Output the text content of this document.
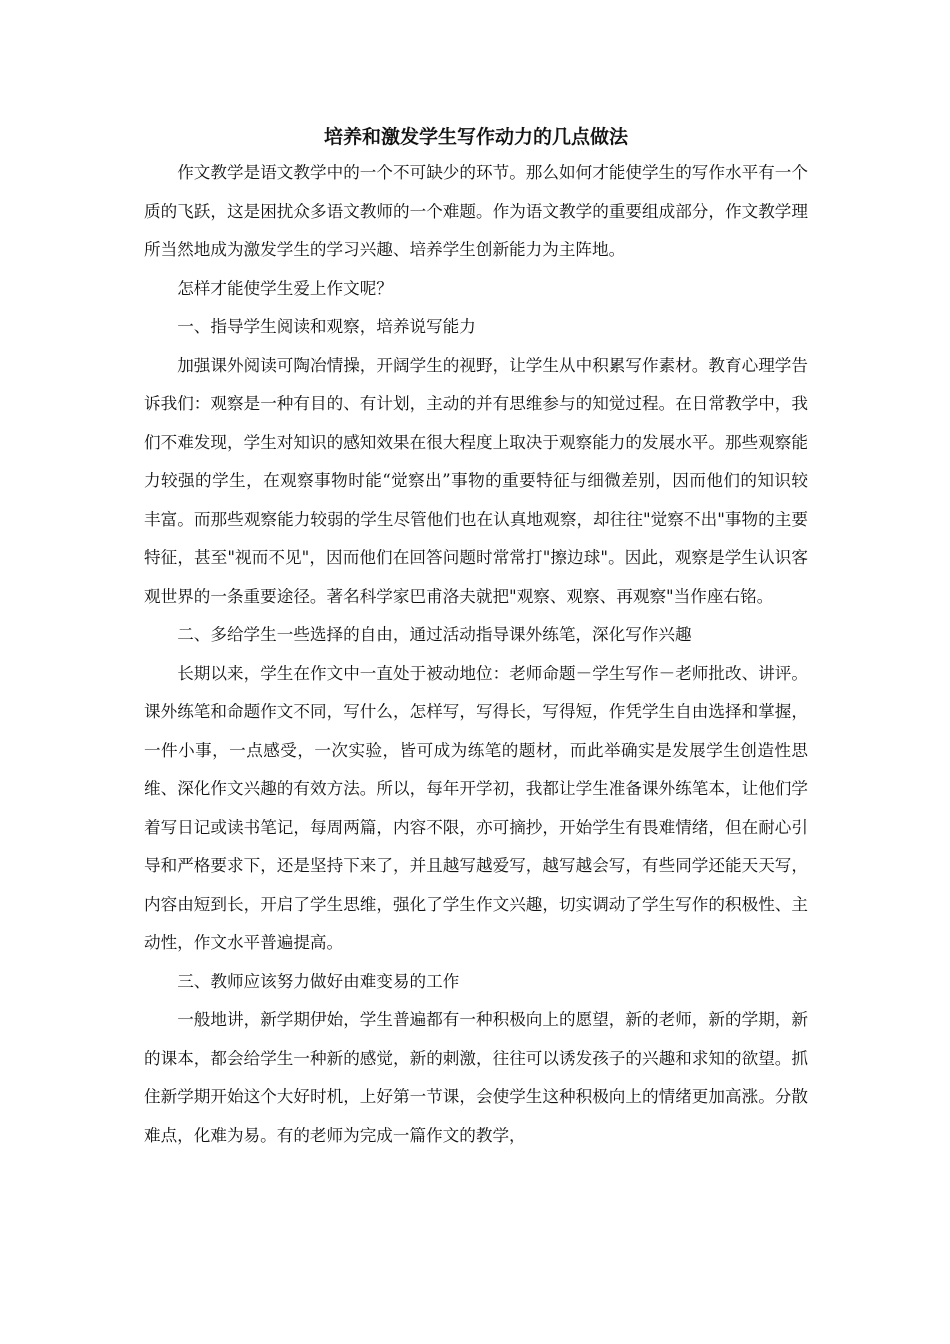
培养和激发学生写作动力的几点做法

作文教学是语文教学中的一个不可缺少的环节。那么如何才能使学生的写作水平有一个质的飞跃，这是困扰众多语文教师的一个难题。作为语文教学的重要组成部分，作文教学理所当然地成为激发学生的学习兴趣、培养学生创新能力为主阵地。

怎样才能使学生爱上作文呢？

一、指导学生阅读和观察，培养说写能力

加强课外阅读可陶冶情操，开阔学生的视野，让学生从中积累写作素材。教育心理学告诉我们：观察是一种有目的、有计划，主动的并有思维参与的知觉过程。在日常教学中，我们不难发现，学生对知识的感知效果在很大程度上取决于观察能力的发展水平。那些观察能力较强的学生，在观察事物时能“觉察出”事物的重要特征与细微差别，因而他们的知识较丰富。而那些观察能力较弱的学生尽管他们也在认真地观察，却往往"觉察不出"事物的主要特征，甚至"视而不见"，因而他们在回答问题时常常打"擦边球"。因此，观察是学生认识客观世界的一条重要途径。著名科学家巴甫洛夫就把"观察、观察、再观察"当作座右铭。

二、多给学生一些选择的自由，通过活动指导课外练笔，深化写作兴趣

长期以来，学生在作文中一直处于被动地位：老师命题－学生写作－老师批改、讲评。课外练笔和命题作文不同，写什么，怎样写，写得长，写得短，作凭学生自由选择和掌握，一件小事，一点感受，一次实验，皆可成为练笔的题材，而此举确实是发展学生创造性思维、深化作文兴趣的有效方法。所以，每年开学初，我都让学生准备课外练笔本，让他们学着写日记或读书笔记，每周两篇，内容不限，亦可摘抄，开始学生有畏难情绪，但在耐心引导和严格要求下，还是坚持下来了，并且越写越爱写，越写越会写，有些同学还能天天写，内容由短到长，开启了学生思维，强化了学生作文兴趣，切实调动了学生写作的积极性、主动性，作文水平普遍提高。

三、教师应该努力做好由难变易的工作

一般地讲，新学期伊始，学生普遍都有一种积极向上的愿望，新的老师，新的学期，新的课本，都会给学生一种新的感觉，新的刺激，往往可以诱发孩子的兴趣和求知的欲望。抓住新学期开始这个大好时机，上好第一节课，会使学生这种积极向上的情绪更加高涨。分散难点，化难为易。有的老师为完成一篇作文的教学，
